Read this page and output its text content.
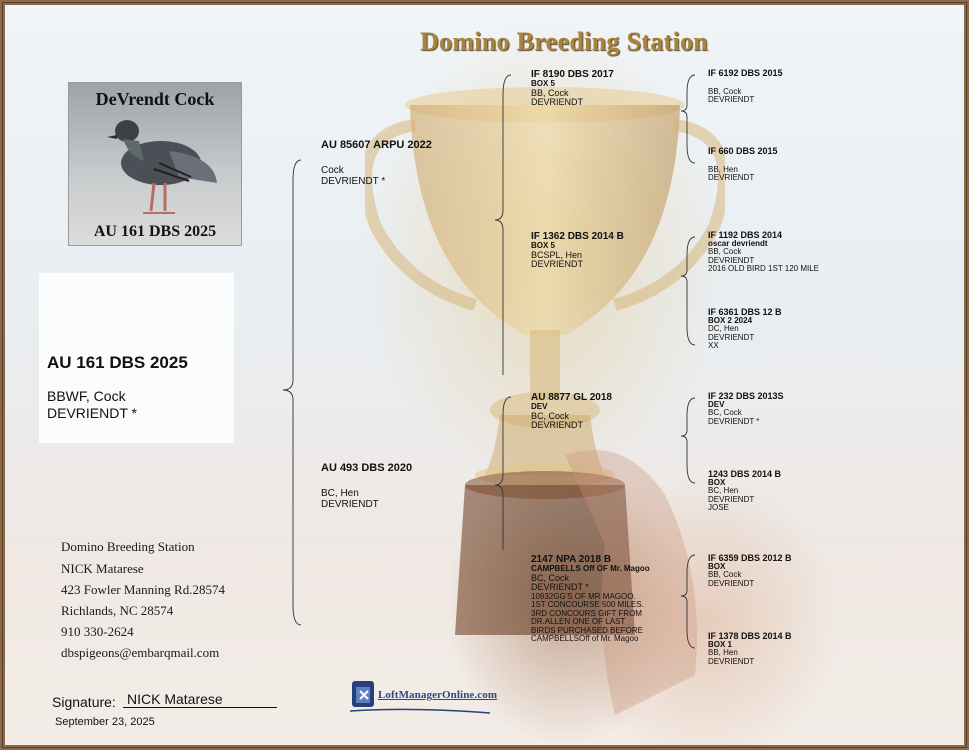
Domino Breeding Station
DeVrendt Cock
AU 161 DBS 2025
AU 161 DBS 2025
BBWF, Cock
DEVRIENDT *
AU 85607 ARPU 2022
Cock
DEVRIENDT *
AU 493 DBS 2020
BC, Hen
DEVRIENDT
IF 8190 DBS 2017
BOX 5
BB, Cock
DEVRIENDT
IF 1362 DBS 2014 B
BOX 5
BCSPL, Hen
DEVRIENDT
AU 8877 GL 2018
DEV
BC, Cock
DEVRIENDT
2147 NPA 2018 B
CAMPBELLS Off OF Mr. Magoo
BC, Cock
DEVRIENDT *
10932GG'S OF MR MAGOO.
1ST CONCOURSE 500 MILES.
3RD CONCOURS GIFT FROM
DR.ALLEN ONE OF LAST
BIRDS PURCHASED BEFORE
CAMPBELLSOff of Mr. Magoo
IF 6192 DBS 2015
BB, Cock
DEVRIENDT
IF 660 DBS 2015
BB, Hen
DEVRIENDT
IF 1192 DBS 2014
oscar devriendt
BB, Cock
DEVRIENDT
2016 OLD BIRD 1ST 120 MILE
IF 6361 DBS 12 B
BOX 2 2024
DC, Hen
DEVRIENDT
XX
IF 232 DBS 2013S
DEV
BC, Cock
DEVRIENDT *
1243 DBS 2014 B
BOX
BC, Hen
DEVRIENDT
JOSE
IF 6359 DBS 2012 B
BOX
BB, Cock
DEVRIENDT
IF 1378 DBS 2014 B
BOX 1
BB, Hen
DEVRIENDT
Domino Breeding Station
NICK Matarese
423 Fowler Manning Rd.28574
Richlands, NC 28574
910 330-2624
dbspigeons@embarqmail.com
Signature: NICK Matarese
September 23, 2025
LoftManagerOnline.com
